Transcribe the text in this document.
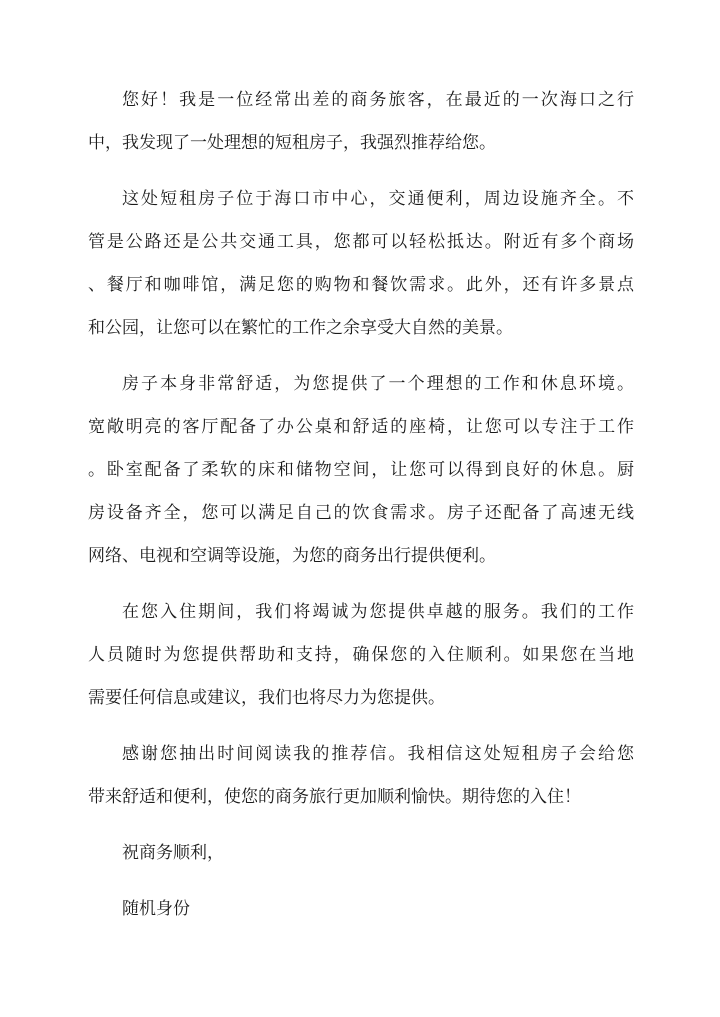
您好！我是一位经常出差的商务旅客，在最近的一次海口之行
中，我发现了一处理想的短租房子，我强烈推荐给您。
这处短租房子位于海口市中心，交通便利，周边设施齐全。不
管是公路还是公共交通工具，您都可以轻松抵达。附近有多个商场
、餐厅和咖啡馆，满足您的购物和餐饮需求。此外，还有许多景点
和公园，让您可以在繁忙的工作之余享受大自然的美景。
房子本身非常舒适，为您提供了一个理想的工作和休息环境。
宽敞明亮的客厅配备了办公桌和舒适的座椅，让您可以专注于工作
。卧室配备了柔软的床和储物空间，让您可以得到良好的休息。厨
房设备齐全，您可以满足自己的饮食需求。房子还配备了高速无线
网络、电视和空调等设施，为您的商务出行提供便利。
在您入住期间，我们将竭诚为您提供卓越的服务。我们的工作
人员随时为您提供帮助和支持，确保您的入住顺利。如果您在当地
需要任何信息或建议，我们也将尽力为您提供。
感谢您抽出时间阅读我的推荐信。我相信这处短租房子会给您
带来舒适和便利，使您的商务旅行更加顺利愉快。期待您的入住！
祝商务顺利，
随机身份
